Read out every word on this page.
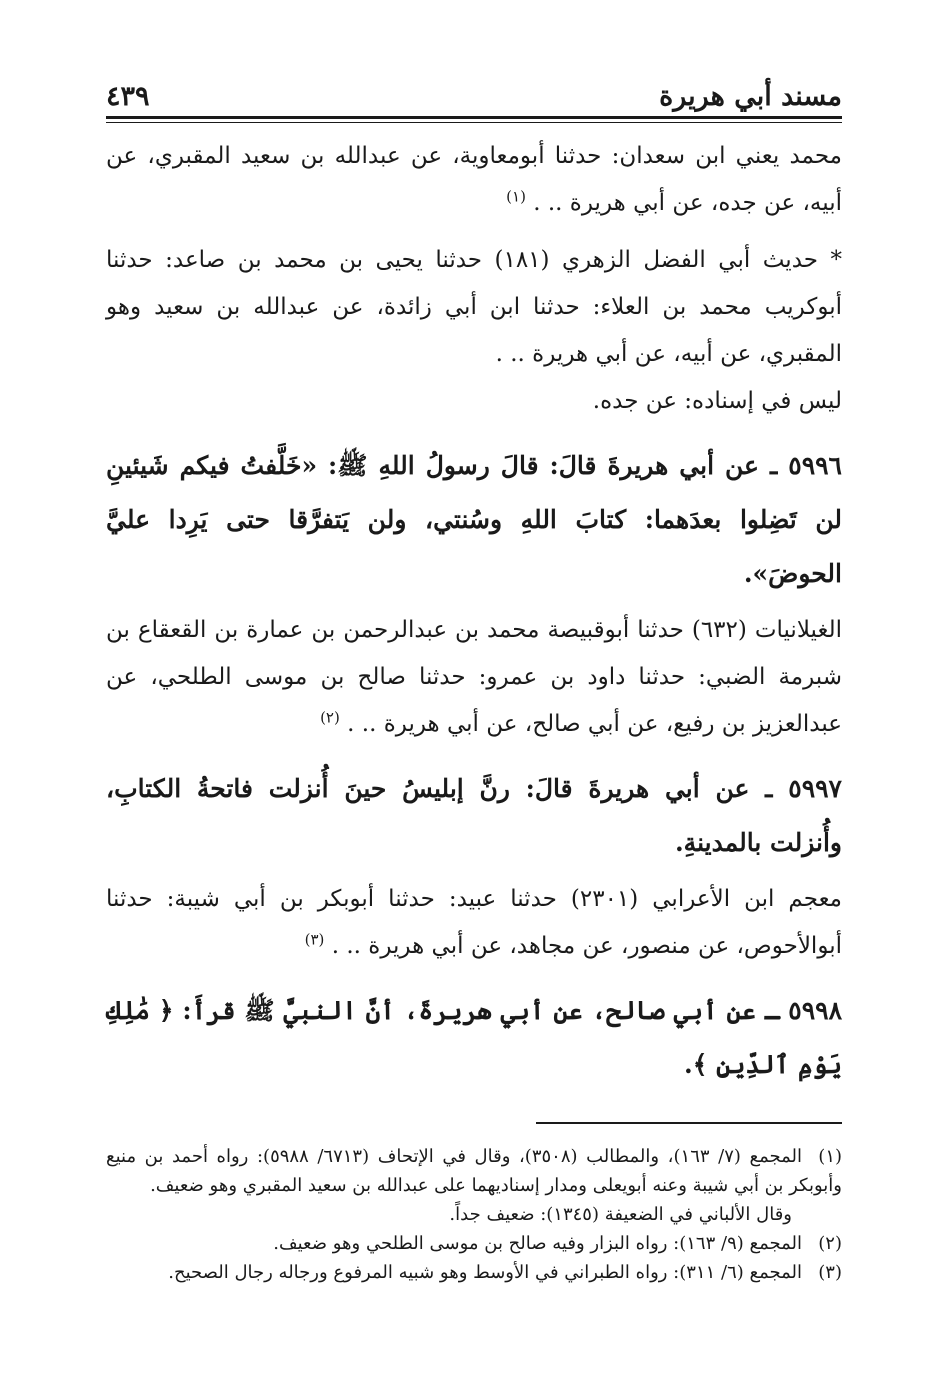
مسند أبي هريرة
٤٣٩

محمد يعني ابن سعدان: حدثنا أبومعاوية، عن عبدالله بن سعيد المقبري، عن أبيه، عن جده، عن أبي هريرة .. . $^{(١)}$

* حديث أبي الفضل الزهري (١٨١) حدثنا يحيى بن محمد بن صاعد: حدثنا أبوكريب محمد بن العلاء: حدثنا ابن أبي زائدة، عن عبدالله بن سعيد وهو المقبري، عن أبيه، عن أبي هريرة .. .

ليس في إسناده: عن جده.

٥٩٩٦ ـ عن أبي هريرةَ قالَ: قالَ رسولُ اللهِ ﷺ: «خَلَّفتُ فيكم شَيئينِ لن تَضِلوا بعدَهما: كتابَ اللهِ وسُنتي، ولن يَتفرَّقا حتى يَرِدا عليَّ الحوضَ».

الغيلانيات (٦٣٢) حدثنا أبوقبيصة محمد بن عبدالرحمن بن عمارة بن القعقاع بن شبرمة الضبي: حدثنا داود بن عمرو: حدثنا صالح بن موسى الطلحي، عن عبدالعزيز بن رفيع، عن أبي صالح، عن أبي هريرة .. . $^{(٢)}$

٥٩٩٧ ـ عن أبي هريرةَ قالَ: رنَّ إبليسُ حينَ أُنزلت فاتحةُ الكتابِ، وأُنزلت بالمدينةِ.

معجم ابن الأعرابي (٢٣٠١) حدثنا عبيد: حدثنا أبوبكر بن أبي شيبة: حدثنا أبوالأحوص، عن منصور، عن مجاهد، عن أبي هريرة .. . $^{(٣)}$

٥٩٩٨ ـ عن أبي صالح، عن أبي هريرةَ، أنَّ النبيَّ ﷺ قرأَ: ﴿ مَٰلِكِ يَوْمِ ٱلدِّينِ ﴾.

(١)المجمع (٧/ ١٦٣)، والمطالب (٣٥٠٨)، وقال في الإتحاف (٦٧١٣/ ٥٩٨٨): رواه أحمد بن منيع وأبوبكر بن أبي شيبة وعنه أبويعلى ومدار إسناديهما على عبدالله بن سعيد المقبري وهو ضعيف.

وقال الألباني في الضعيفة (١٣٤٥): ضعيف جداً.

(٢)المجمع (٩/ ١٦٣): رواه البزار وفيه صالح بن موسى الطلحي وهو ضعيف.

(٣)المجمع (٦/ ٣١١): رواه الطبراني في الأوسط وهو شبيه المرفوع ورجاله رجال الصحيح.
